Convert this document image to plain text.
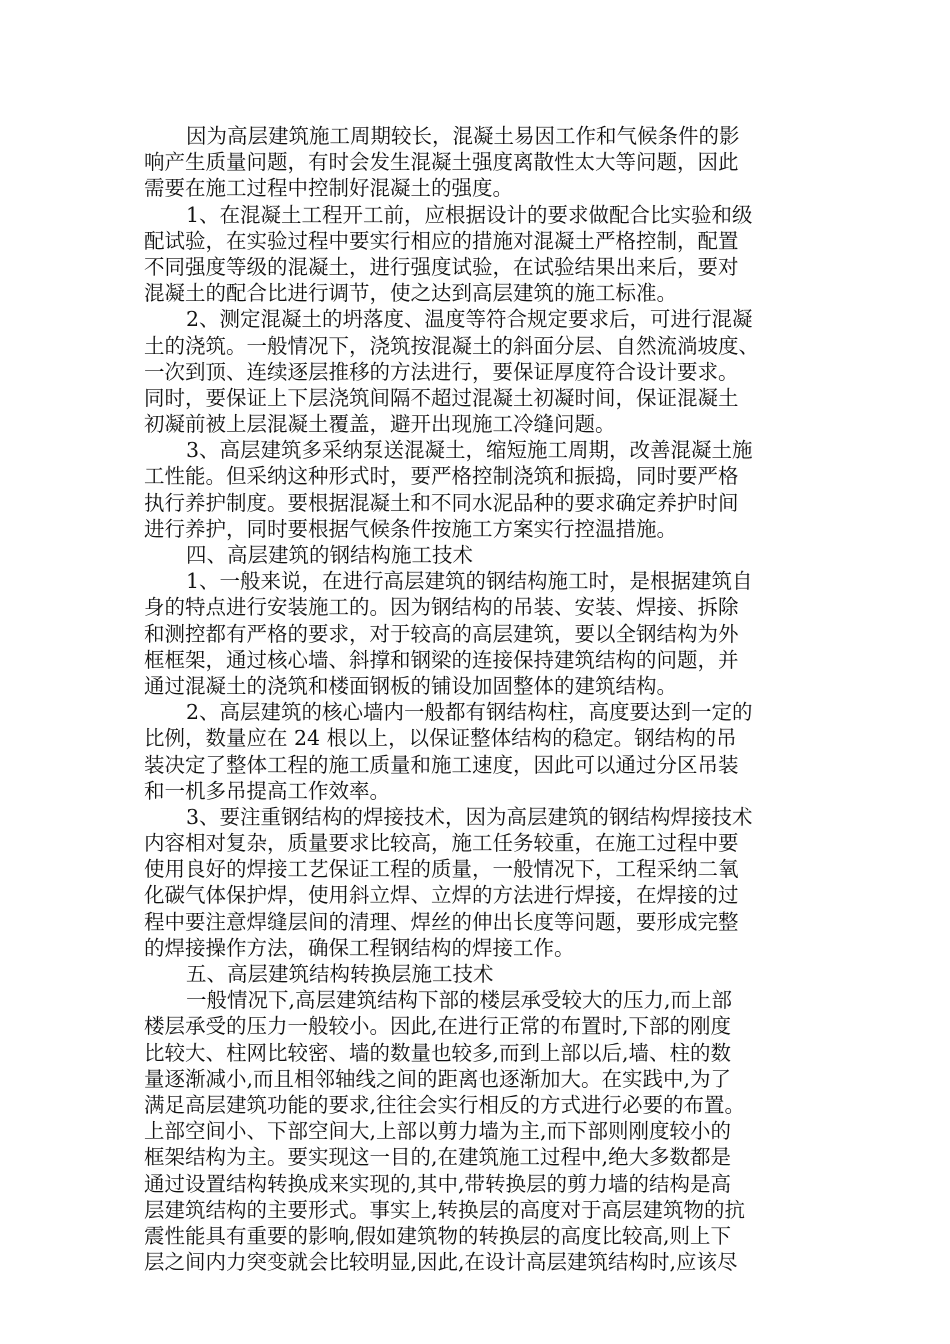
因为高层建筑施工周期较长，混凝土易因工作和气候条件的影
响产生质量问题，有时会发生混凝土强度离散性太大等问题，因此
需要在施工过程中控制好混凝土的强度。
1、在混凝土工程开工前，应根据设计的要求做配合比实验和级
配试验，在实验过程中要实行相应的措施对混凝土严格控制，配置
不同强度等级的混凝土，进行强度试验，在试验结果出来后，要对
混凝土的配合比进行调节，使之达到高层建筑的施工标准。
2、测定混凝土的坍落度、温度等符合规定要求后，可进行混凝
土的浇筑。一般情况下，浇筑按混凝土的斜面分层、自然流淌坡度、
一次到顶、连续逐层推移的方法进行，要保证厚度符合设计要求。
同时，要保证上下层浇筑间隔不超过混凝土初凝时间，保证混凝土
初凝前被上层混凝土覆盖，避开出现施工冷缝问题。
3、高层建筑多采纳泵送混凝土，缩短施工周期，改善混凝土施
工性能。但采纳这种形式时，要严格控制浇筑和振捣，同时要严格
执行养护制度。要根据混凝土和不同水泥品种的要求确定养护时间
进行养护，同时要根据气候条件按施工方案实行控温措施。
四、高层建筑的钢结构施工技术
1、一般来说，在进行高层建筑的钢结构施工时，是根据建筑自
身的特点进行安装施工的。因为钢结构的吊装、安装、焊接、拆除
和测控都有严格的要求，对于较高的高层建筑，要以全钢结构为外
框框架，通过核心墙、斜撑和钢梁的连接保持建筑结构的问题，并
通过混凝土的浇筑和楼面钢板的铺设加固整体的建筑结构。
2、高层建筑的核心墙内一般都有钢结构柱，高度要达到一定的
比例，数量应在 24 根以上，以保证整体结构的稳定。钢结构的吊
装决定了整体工程的施工质量和施工速度，因此可以通过分区吊装
和一机多吊提高工作效率。
3、要注重钢结构的焊接技术，因为高层建筑的钢结构焊接技术
内容相对复杂，质量要求比较高，施工任务较重，在施工过程中要
使用良好的焊接工艺保证工程的质量，一般情况下，工程采纳二氧
化碳气体保护焊，使用斜立焊、立焊的方法进行焊接，在焊接的过
程中要注意焊缝层间的清理、焊丝的伸出长度等问题，要形成完整
的焊接操作方法，确保工程钢结构的焊接工作。
五、高层建筑结构转换层施工技术
一般情况下,高层建筑结构下部的楼层承受较大的压力,而上部
楼层承受的压力一般较小。因此,在进行正常的布置时,下部的刚度
比较大、柱网比较密、墙的数量也较多,而到上部以后,墙、柱的数
量逐渐减小,而且相邻轴线之间的距离也逐渐加大。在实践中,为了
满足高层建筑功能的要求,往往会实行相反的方式进行必要的布置。
上部空间小、下部空间大,上部以剪力墙为主,而下部则刚度较小的
框架结构为主。要实现这一目的,在建筑施工过程中,绝大多数都是
通过设置结构转换成来实现的,其中,带转换层的剪力墙的结构是高
层建筑结构的主要形式。事实上,转换层的高度对于高层建筑物的抗
震性能具有重要的影响,假如建筑物的转换层的高度比较高,则上下
层之间内力突变就会比较明显,因此,在设计高层建筑结构时,应该尽
